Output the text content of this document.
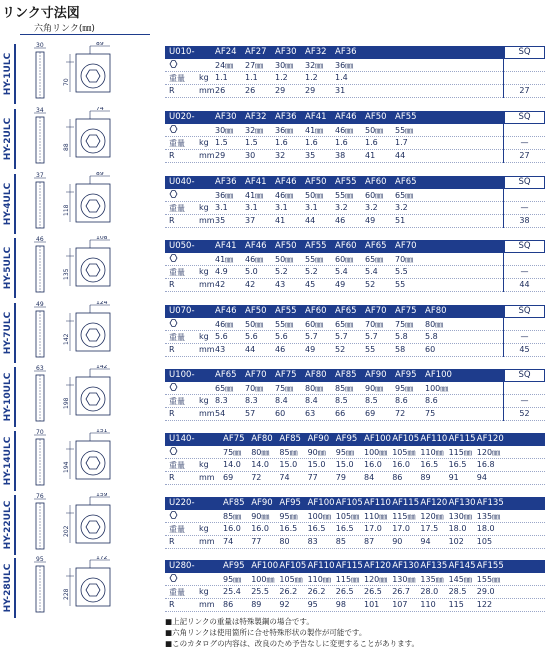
リンク寸法図
六角リンク(㎜)
HY-1ULC
30	89
70
U010- AF24 AF27 AF30 AF32 AF36	SQ
24㎜	27㎜	30㎜	32㎜	36㎜
重量 kg 1.1	1.1	1.2	1.2	1.4
R	mm 26	26	29	29	31	27
HY-2ULC
34	74
88
U020- AF30 AF32 AF36 AF41 AF46 AF50 AF55	SQ
30㎜	32㎜	36㎜	41㎜	46㎜	50㎜	55㎜
重量 kg 1.5	1.5	1.6	1.6	1.6	1.6	1.7	—
R	mm 29	30	32	35	38	41	44	27
HY-4ULC
37	89
118
U040- AF36 AF41 AF46 AF50 AF55 AF60 AF65	SQ
36㎜	41㎜	46㎜	50㎜	55㎜	60㎜	65㎜
重量 kg 3.1	3.1	3.1	3.1	3.2	3.2	3.2	—
R	mm 35	37	41	44	46	49	51	38
HY-5ULC
46	108
135
U050- AF41 AF46 AF50 AF55 AF60 AF65 AF70	SQ
41㎜	46㎜	50㎜	55㎜	60㎜	65㎜	70㎜
重量 kg 4.9	5.0	5.2	5.2	5.4	5.4	5.5	—
R	mm 42	42	43	45	49	52	55	44
HY-7ULC
49	124
142
U070- AF46 AF50 AF55 AF60 AF65 AF70 AF75 AF80	SQ
46㎜	50㎜	55㎜	60㎜	65㎜	70㎜	75㎜	80㎜
重量 kg 5.6	5.6	5.6	5.7	5.7	5.7	5.8	5.8	—
R	mm 43	44	46	49	52	55	58	60	45
HY-10ULC
63	142
198
U100- AF65 AF70 AF75 AF80 AF85 AF90 AF95 AF100	SQ
65㎜	70㎜	75㎜	80㎜	85㎜	90㎜	95㎜	100㎜
重量 kg 8.3	8.3	8.4	8.4	8.5	8.5	8.6	8.6	—
R	mm 54	57	60	63	66	69	72	75	52
HY-14ULC
70	151
194
U140-	AF75 AF80 AF85 AF90 AF95 AF100 AF105 AF110 AF115 AF120
75㎜	80㎜	85㎜	90㎜	95㎜	100㎜ 105㎜ 110㎜ 115㎜ 120㎜
重量 kg 14.0	14.0	15.0	15.0	15.0	16.0	16.0	16.5	16.5	16.8
R	mm 69	72	74	77	79	84	86	89	91	94
HY-22ULC
76	159
202
U220-	AF85 AF90 AF95 AF100 AF105 AF110 AF115 AF120 AF130 AF135
85㎜	90㎜	95㎜	100㎜ 105㎜ 110㎜ 115㎜ 120㎜ 130㎜ 135㎜
重量 kg 16.0	16.0	16.5	16.5	16.5	17.0	17.0	17.5	18.0	18.0
R	mm 74	77	80	83	85	87	90	94	102	105
HY-28ULC
95	172
228
U280-	AF95 AF100 AF105 AF110 AF115 AF120 AF130 AF135 AF145 AF155
95㎜	100㎜ 105㎜ 110㎜ 115㎜ 120㎜ 130㎜ 135㎜ 145㎜ 155㎜
重量 kg 25.4	25.5	26.2	26.2	26.5	26.5	26.7	28.0	28.5	29.0
R	mm 86	89	92	95	98	101	107	110	115	122
■上記リンクの重量は特殊製鋼の場合です。
■六角リンクは使用箇所に合せ特殊形状の製作が可能です。
■このカタログの内容は、改良のため予告なしに変更することがあります。
